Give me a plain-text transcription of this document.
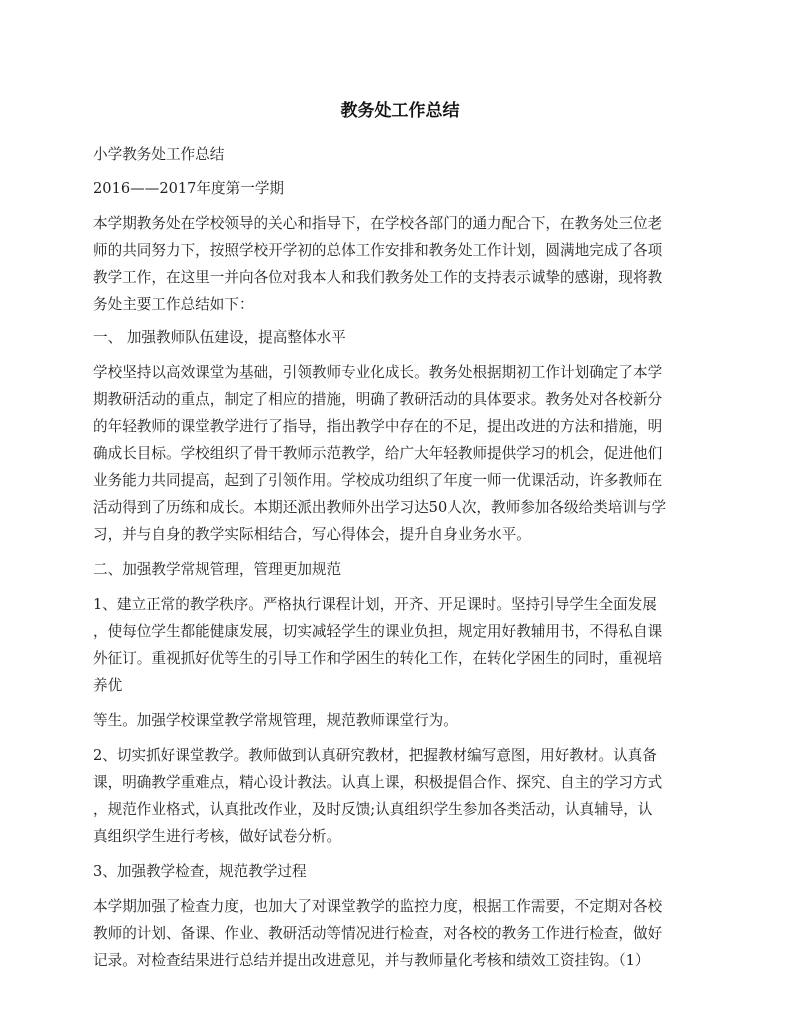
教务处工作总结
小学教务处工作总结
2016——2017年度第一学期
本学期教务处在学校领导的关心和指导下，在学校各部门的通力配合下，在教务处三位老
师的共同努力下，按照学校开学初的总体工作安排和教务处工作计划，圆满地完成了各项
教学工作，在这里一并向各位对我本人和我们教务处工作的支持表示诚挚的感谢，现将教
务处主要工作总结如下：
一、 加强教师队伍建设，提高整体水平
学校坚持以高效课堂为基础，引领教师专业化成长。教务处根据期初工作计划确定了本学
期教研活动的重点，制定了相应的措施，明确了教研活动的具体要求。教务处对各校新分
的年轻教师的课堂教学进行了指导，指出教学中存在的不足，提出改进的方法和措施，明
确成长目标。学校组织了骨干教师示范教学，给广大年轻教师提供学习的机会，促进他们
业务能力共同提高，起到了引领作用。学校成功组织了年度一师一优课活动，许多教师在
活动得到了历练和成长。本期还派出教师外出学习达50人次，教师参加各级给类培训与学
习，并与自身的教学实际相结合，写心得体会，提升自身业务水平。
二、加强教学常规管理，管理更加规范
1、建立正常的教学秩序。严格执行课程计划，开齐、开足课时。坚持引导学生全面发展
，使每位学生都能健康发展，切实减轻学生的课业负担，规定用好教辅用书，不得私自课
外征订。重视抓好优等生的引导工作和学困生的转化工作，在转化学困生的同时，重视培
养优
等生。加强学校课堂教学常规管理，规范教师课堂行为。
2、切实抓好课堂教学。教师做到认真研究教材，把握教材编写意图，用好教材。认真备
课，明确教学重难点，精心设计教法。认真上课，积极提倡合作、探究、自主的学习方式
，规范作业格式，认真批改作业，及时反馈;认真组织学生参加各类活动，认真辅导，认
真组织学生进行考核，做好试卷分析。
3、加强教学检查，规范教学过程
本学期加强了检查力度，也加大了对课堂教学的监控力度，根据工作需要，不定期对各校
教师的计划、备课、作业、教研活动等情况进行检查，对各校的教务工作进行检查，做好
记录。对检查结果进行总结并提出改进意见，并与教师量化考核和绩效工资挂钩。（1）
